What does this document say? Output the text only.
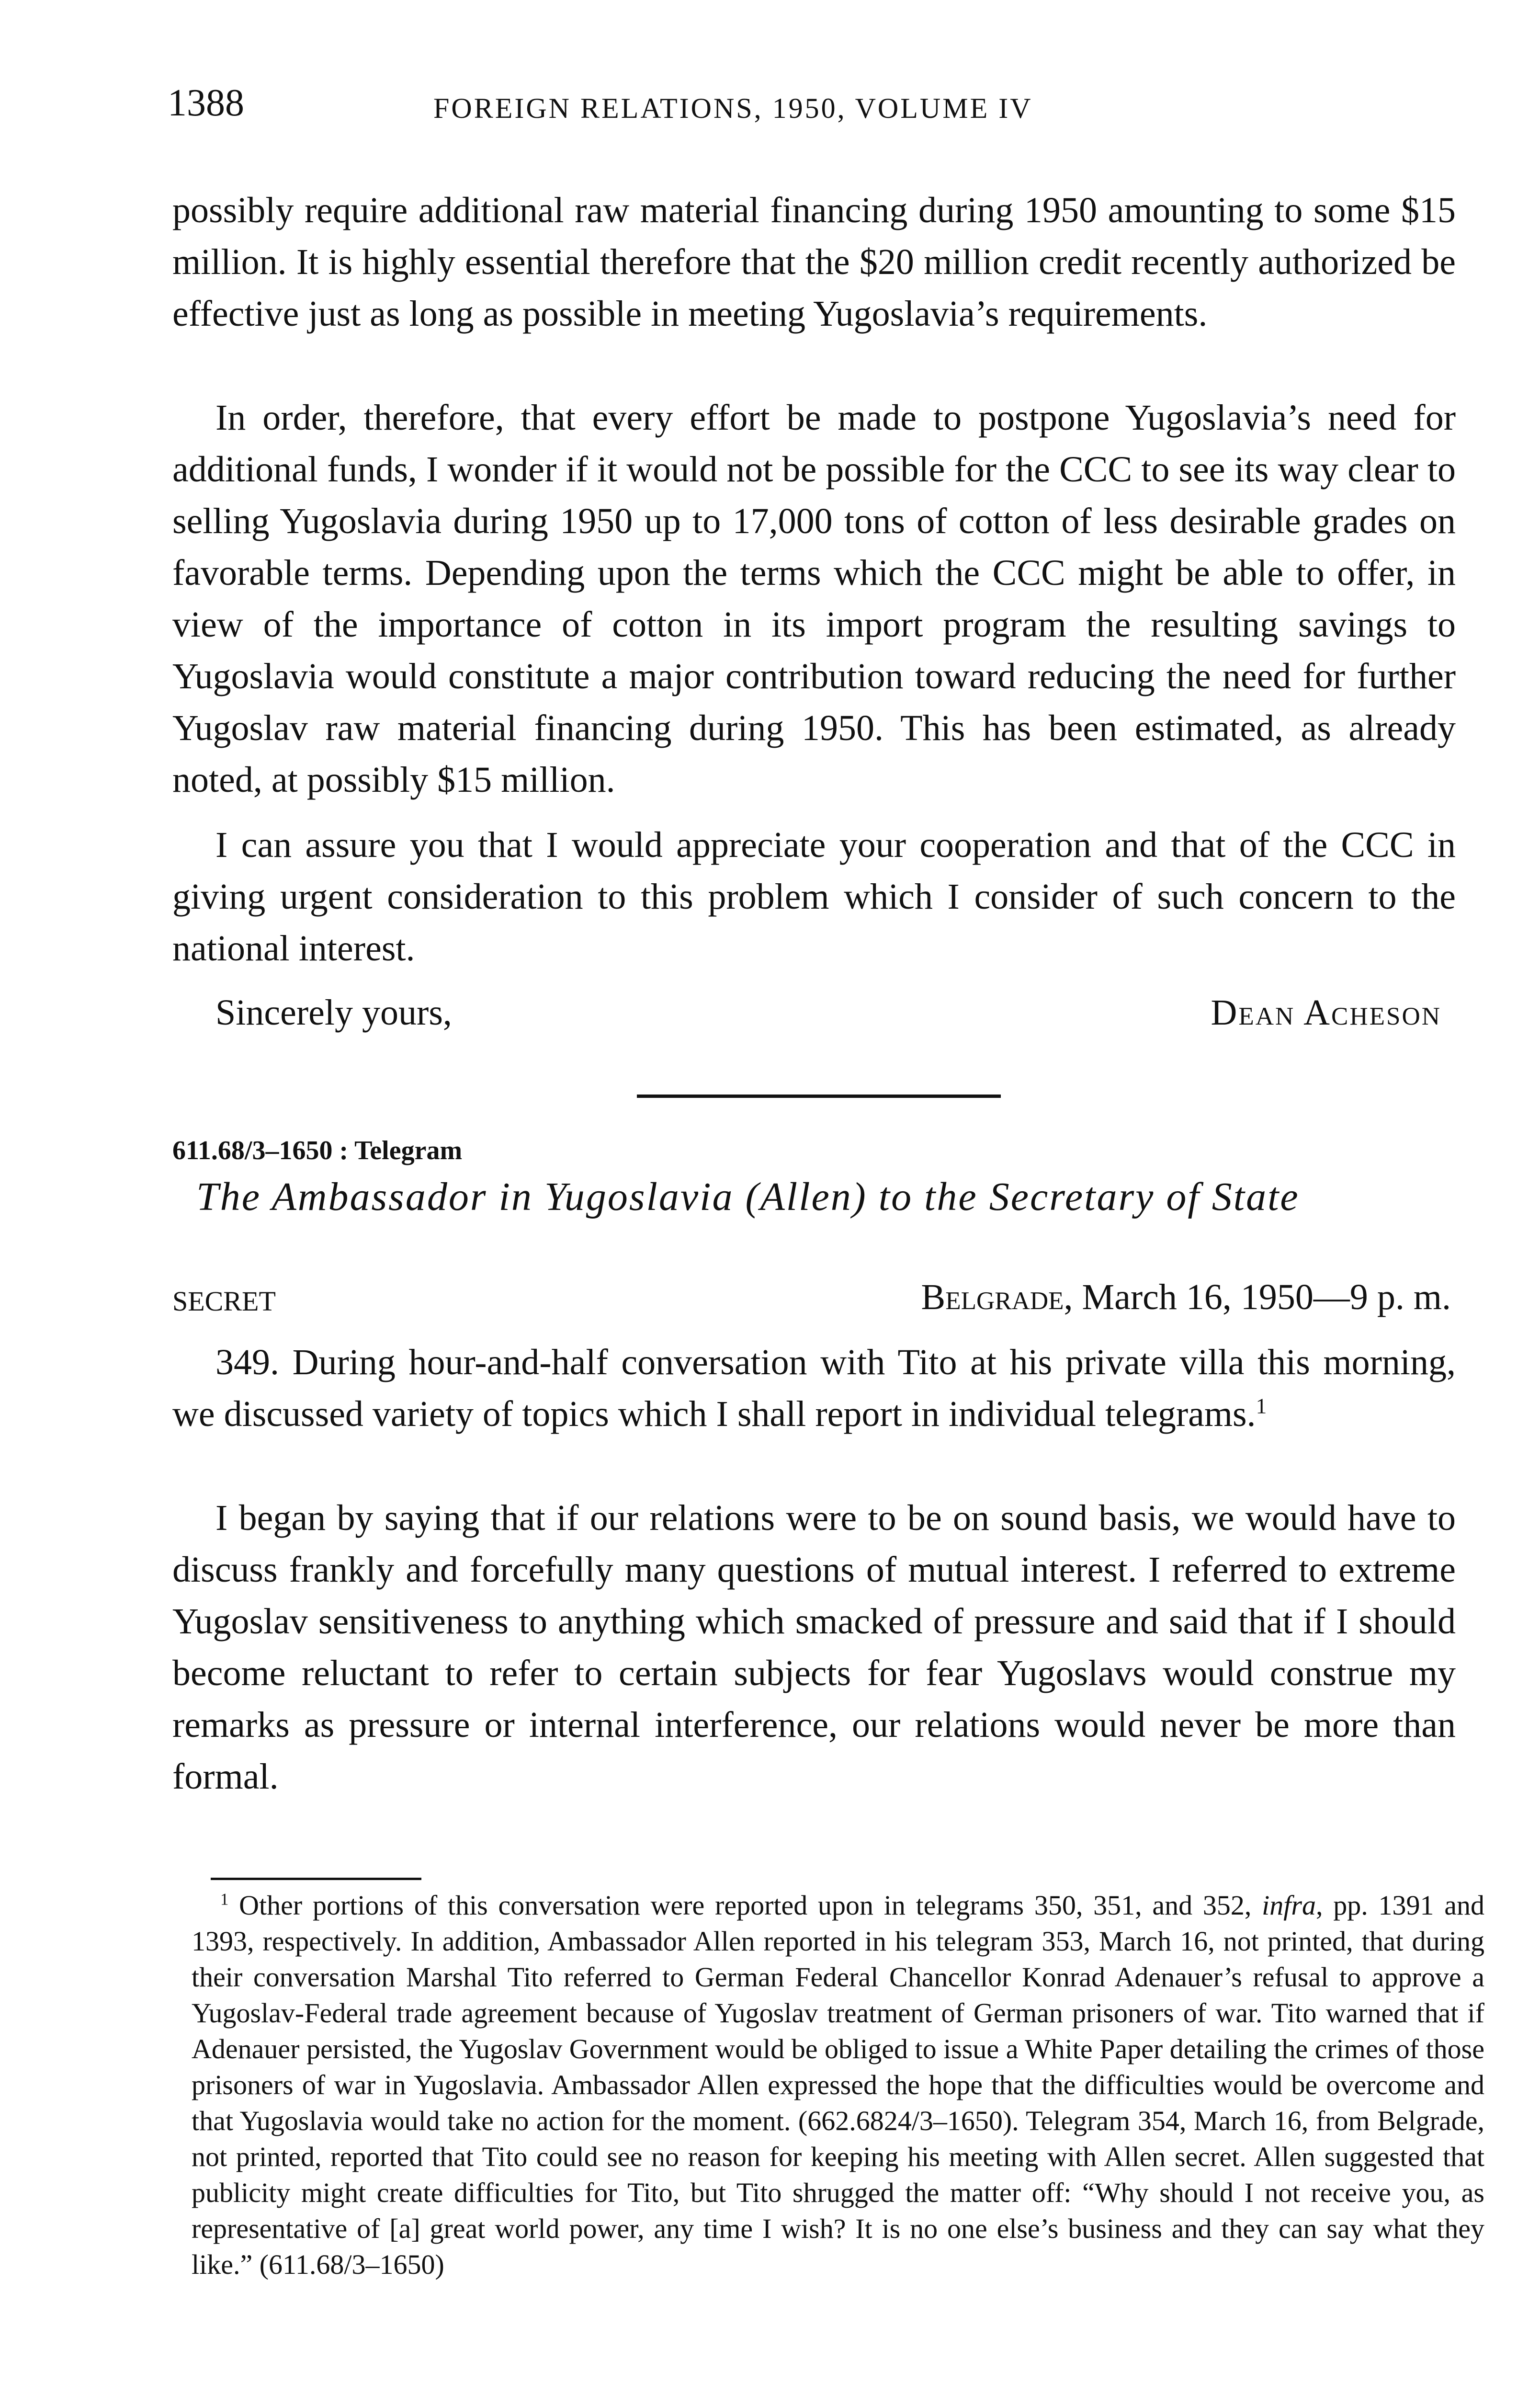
1388	FOREIGN RELATIONS, 1950, VOLUME IV

possibly require additional raw material financing during 1950 amounting to some $15 million. It is highly essential therefore that the $20 million credit recently authorized be effective just as long as possible in meeting Yugoslavia’s requirements.

In order, therefore, that every effort be made to postpone Yugoslavia’s need for additional funds, I wonder if it would not be possible for the CCC to see its way clear to selling Yugoslavia during 1950 up to 17,000 tons of cotton of less desirable grades on favorable terms. Depending upon the terms which the CCC might be able to offer, in view of the importance of cotton in its import program the resulting savings to Yugoslavia would constitute a major contribution toward reducing the need for further Yugoslav raw material financing during 1950. This has been estimated, as already noted, at possibly $15 million.

I can assure you that I would appreciate your cooperation and that of the CCC in giving urgent consideration to this problem which I consider of such concern to the national interest.

Sincerely yours,	Dean Acheson
611.68/3–1650 : Telegram
The Ambassador in Yugoslavia (Allen) to the Secretary of State
SECRET	Belgrade, March 16, 1950—9 p. m.

349. During hour-and-half conversation with Tito at his private villa this morning, we discussed variety of topics which I shall report in individual telegrams.$^1$

I began by saying that if our relations were to be on sound basis, we would have to discuss frankly and forcefully many questions of mutual interest. I referred to extreme Yugoslav sensitiveness to anything which smacked of pressure and said that if I should become reluctant to refer to certain subjects for fear Yugoslavs would construe my remarks as pressure or internal interference, our relations would never be more than formal.

$^1$ Other portions of this conversation were reported upon in telegrams 350, 351, and 352, infra, pp. 1391 and 1393, respectively. In addition, Ambassador Allen reported in his telegram 353, March 16, not printed, that during their conversation Marshal Tito referred to German Federal Chancellor Konrad Adenauer’s refusal to approve a Yugoslav-Federal trade agreement because of Yugoslav treatment of German prisoners of war. Tito warned that if Adenauer persisted, the Yugoslav Government would be obliged to issue a White Paper detailing the crimes of those prisoners of war in Yugoslavia. Ambassador Allen expressed the hope that the difficulties would be overcome and that Yugoslavia would take no action for the moment. (662.6824/3–1650). Telegram 354, March 16, from Belgrade, not printed, reported that Tito could see no reason for keeping his meeting with Allen secret. Allen suggested that publicity might create difficulties for Tito, but Tito shrugged the matter off: “Why should I not receive you, as representative of [a] great world power, any time I wish? It is no one else’s business and they can say what they like.” (611.68/3–1650)
